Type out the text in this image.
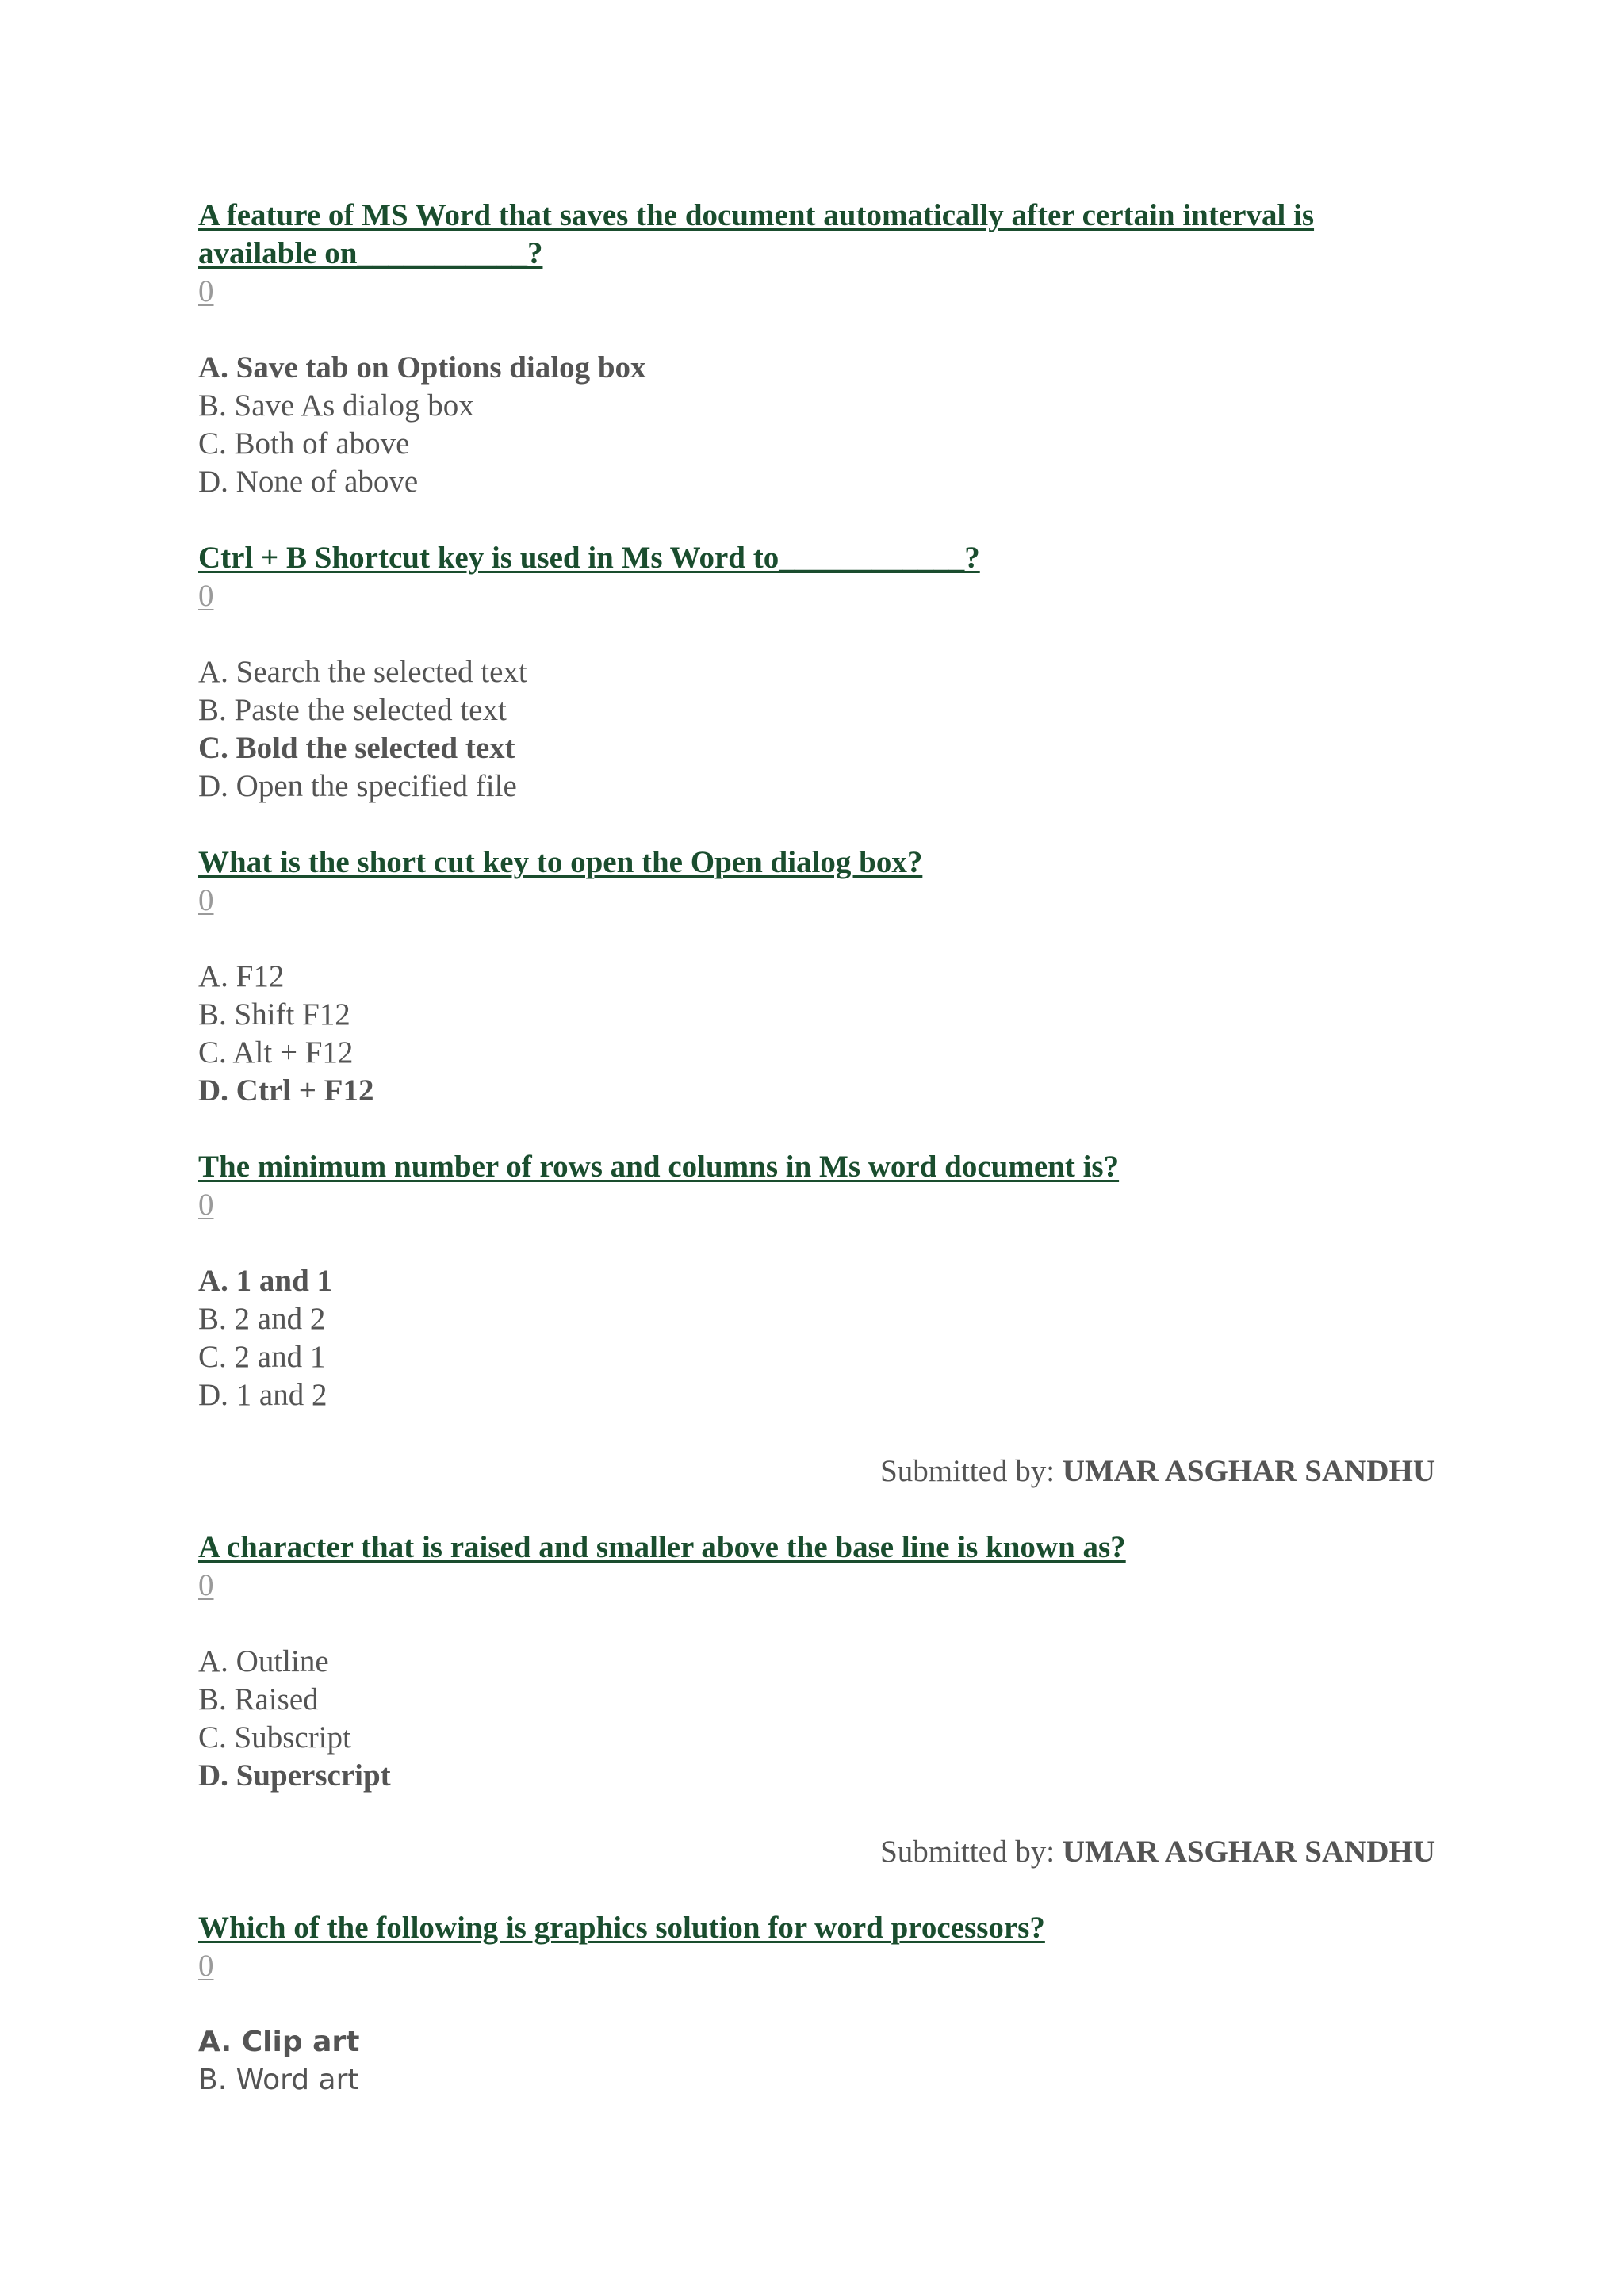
A feature of MS Word that saves the document automatically after certain interval is available on___________?

0

A. Save tab on Options dialog box
B. Save As dialog box
C. Both of above
D. None of above

Ctrl + B Shortcut key is used in Ms Word to____________?

0

A. Search the selected text
B. Paste the selected text
C. Bold the selected text
D. Open the specified file

What is the short cut key to open the Open dialog box?

0

A. F12
B. Shift F12
C. Alt + F12
D. Ctrl + F12

The minimum number of rows and columns in Ms word document is?

0

A. 1 and 1
B. 2 and 2
C. 2 and 1
D. 1 and 2

Submitted by: UMAR ASGHAR SANDHU

A character that is raised and smaller above the base line is known as?

0

A. Outline
B. Raised
C. Subscript
D. Superscript

Submitted by: UMAR ASGHAR SANDHU

Which of the following is graphics solution for word processors?

0

A. Clip art
B. Word art
